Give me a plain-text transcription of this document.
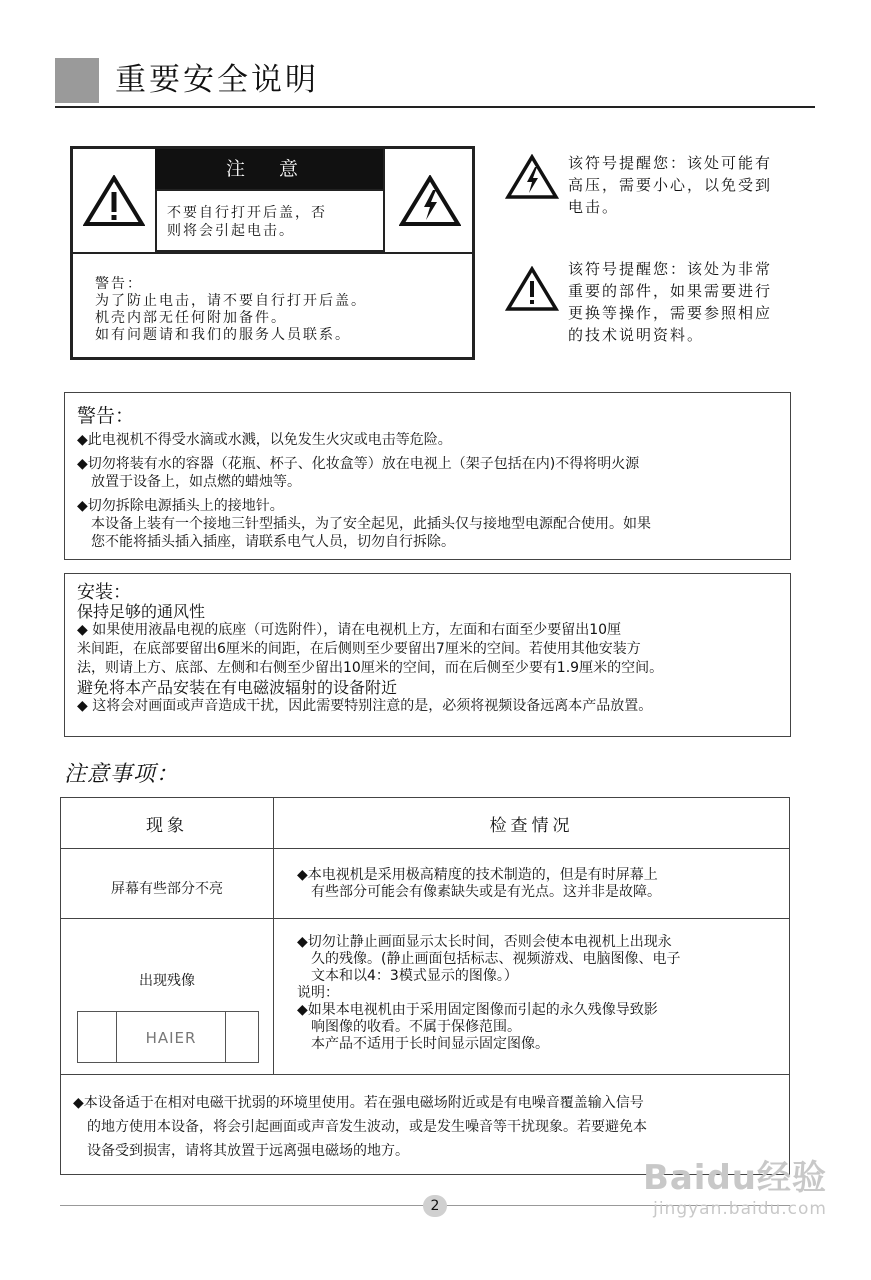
重要安全说明
注 意
不要自行打开后盖，否
则将会引起电击。
警告：
为了防止电击，请不要自行打开后盖。
机壳内部无任何附加备件。
如有问题请和我们的服务人员联系。
该符号提醒您：该处可能有
高压，需要小心，以免受到
电击。
该符号提醒您：该处为非常
重要的部件，如果需要进行
更换等操作，需要参照相应
的技术说明资料。
警告：
◆此电视机不得受水滴或水溅，以免发生火灾或电击等危险。
◆切勿将装有水的容器（花瓶、杯子、化妆盒等）放在电视上（架子包括在内)不得将明火源
放置于设备上，如点燃的蜡烛等。
◆切勿拆除电源插头上的接地针。
本设备上装有一个接地三针型插头，为了安全起见，此插头仅与接地型电源配合使用。如果
您不能将插头插入插座，请联系电气人员，切勿自行拆除。
安装：
保持足够的通风性
◆ 如果使用液晶电视的底座（可选附件），请在电视机上方，左面和右面至少要留出10厘
米间距，在底部要留出6厘米的间距，在后侧则至少要留出7厘米的空间。若使用其他安装方
法，则请上方、底部、左侧和右侧至少留出10厘米的空间，而在后侧至少要有1.9厘米的空间。
避免将本产品安装在有电磁波辐射的设备附近
◆ 这将会对画面或声音造成干扰，因此需要特别注意的是，必须将视频设备远离本产品放置。
注意事项：
现象	检查情况
屏幕有些部分不亮
◆本电视机是采用极高精度的技术制造的，但是有时屏幕上
有些部分可能会有像素缺失或是有光点。这并非是故障。
出现残像
HAIER
◆切勿让静止画面显示太长时间，否则会使本电视机上出现永
久的残像。(静止画面包括标志、视频游戏、电脑图像、电子
文本和以4：3模式显示的图像。）
说明：
◆如果本电视机由于采用固定图像而引起的永久残像导致影
响图像的收看。不属于保修范围。
本产品不适用于长时间显示固定图像。
◆本设备适于在相对电磁干扰弱的环境里使用。若在强电磁场附近或是有电噪音覆盖输入信号
的地方使用本设备，将会引起画面或声音发生波动，或是发生噪音等干扰现象。若要避免本
设备受到损害，请将其放置于远离强电磁场的地方。
2
Baidu经验
jingyan.baidu.com
